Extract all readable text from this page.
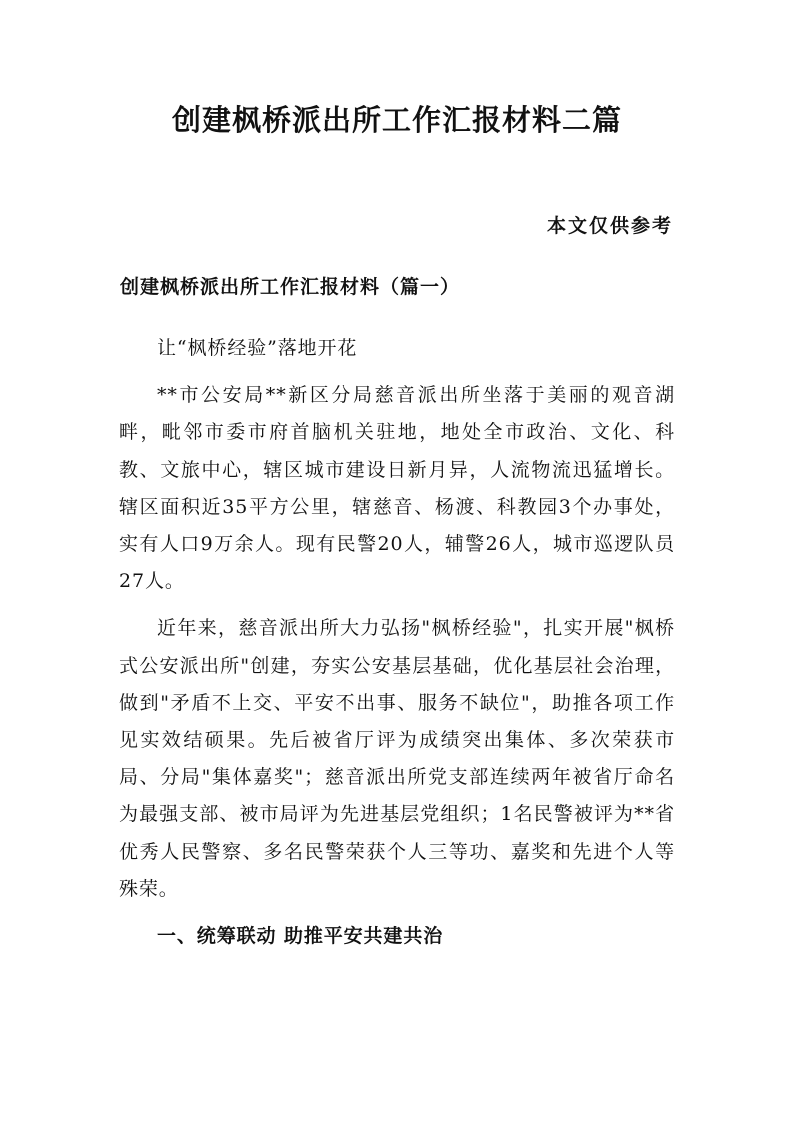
创建枫桥派出所工作汇报材料二篇
本文仅供参考
创建枫桥派出所工作汇报材料（篇一）

让“枫桥经验”落地开花

**市公安局**新区分局慈音派出所坐落于美丽的观音湖畔，毗邻市委市府首脑机关驻地，地处全市政治、文化、科教、文旅中心，辖区城市建设日新月异，人流物流迅猛增长。辖区面积近35平方公里，辖慈音、杨渡、科教园3个办事处，实有人口9万余人。现有民警20人，辅警26人，城市巡逻队员27人。

近年来，慈音派出所大力弘扬"枫桥经验"，扎实开展"枫桥式公安派出所"创建，夯实公安基层基础，优化基层社会治理，做到"矛盾不上交、平安不出事、服务不缺位"，助推各项工作见实效结硕果。先后被省厅评为成绩突出集体、多次荣获市局、分局"集体嘉奖"；慈音派出所党支部连续两年被省厅命名为最强支部、被市局评为先进基层党组织；1名民警被评为**省优秀人民警察、多名民警荣获个人三等功、嘉奖和先进个人等殊荣。

一、统筹联动 助推平安共建共治
